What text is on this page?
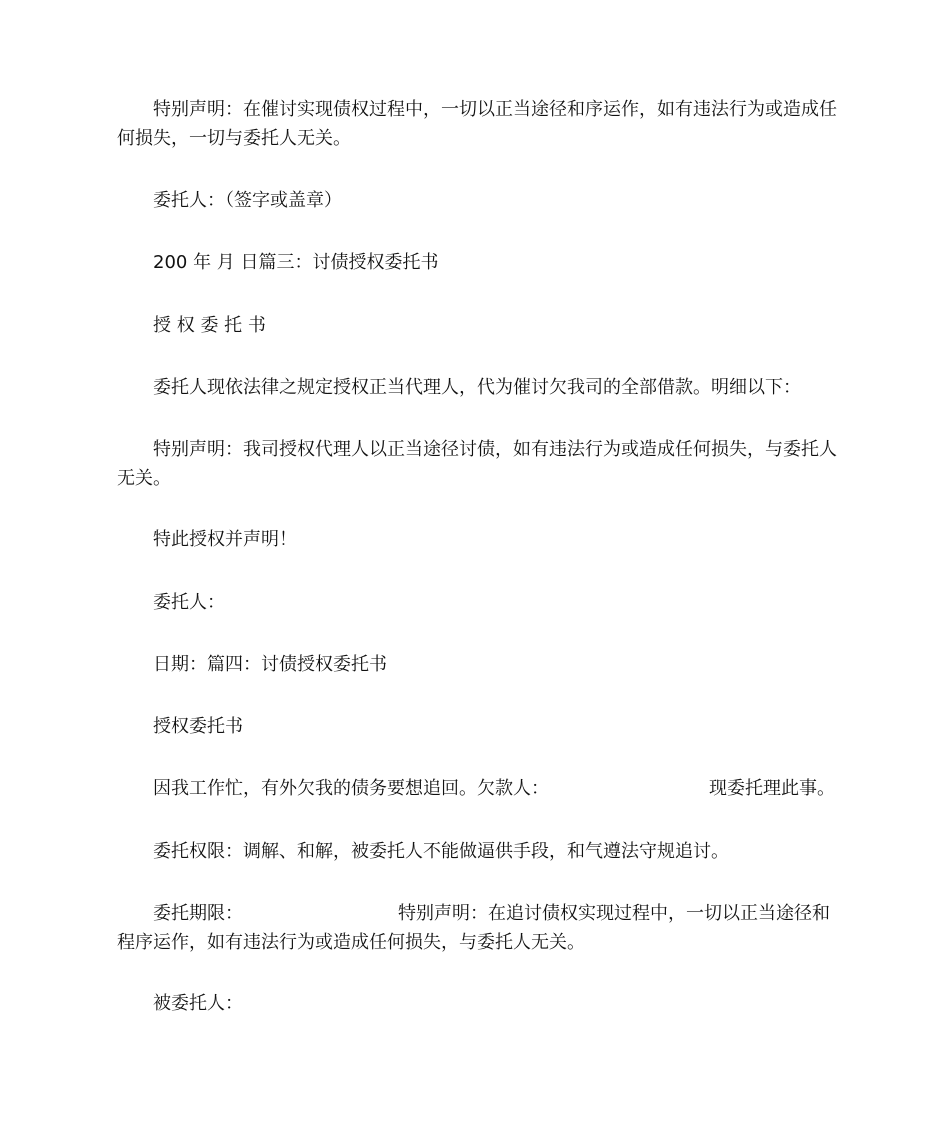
特别声明：在催讨实现债权过程中，一切以正当途径和序运作，如有违法行为或造成任何损失，一切与委托人无关。

委托人：（签字或盖章）

200 年 月 日篇三：讨债授权委托书

授 权 委 托 书

委托人现依法律之规定授权正当代理人，代为催讨欠我司的全部借款。明细以下：

特别声明：我司授权代理人以正当途径讨债，如有违法行为或造成任何损失，与委托人无关。

特此授权并声明！

委托人：

日期：篇四：讨债授权委托书

授权委托书

因我工作忙，有外欠我的债务要想追回。欠款人：	现委托理此事。

委托权限：调解、和解，被委托人不能做逼供手段，和气遵法守规追讨。

委托期限：	特别声明：在追讨债权实现过程中，一切以正当途径和程序运作，如有违法行为或造成任何损失，与委托人无关。

被委托人：
